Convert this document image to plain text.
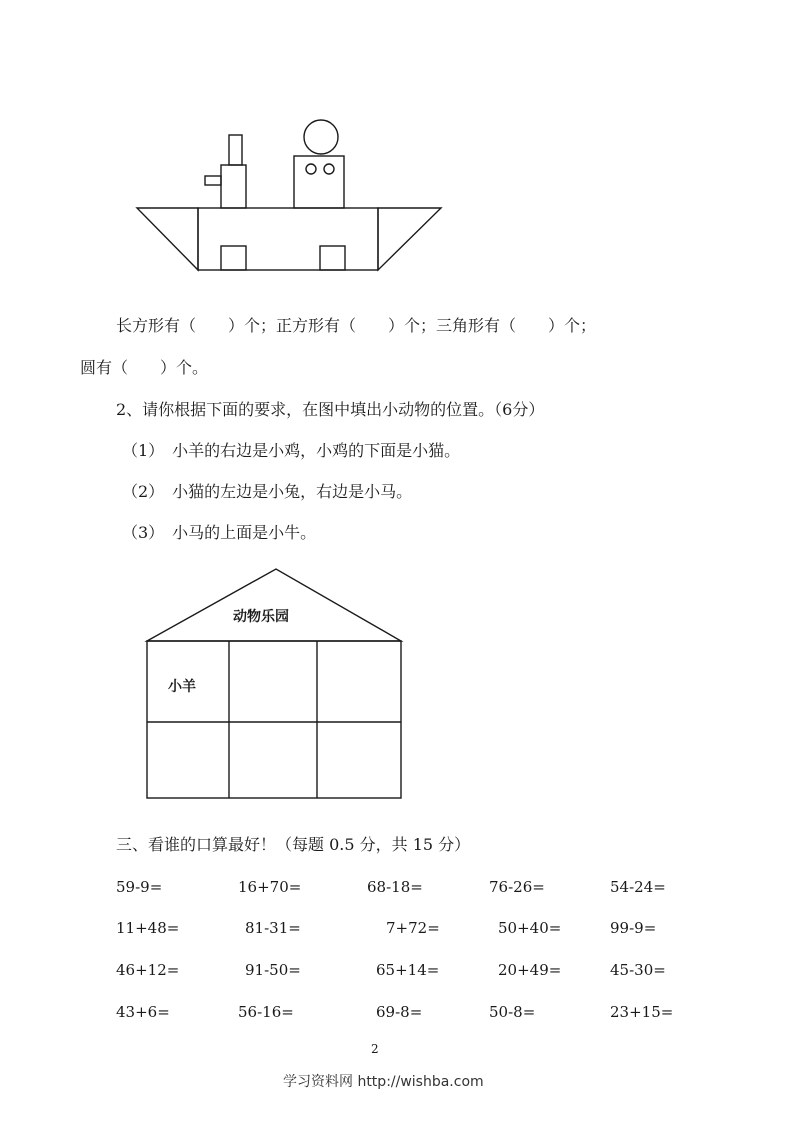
长方形有（　　）个；正方形有（　　）个；三角形有（　　）个；
圆有（　　）个。
2、请你根据下面的要求，在图中填出小动物的位置。（6分）
（1）　小羊的右边是小鸡，小鸡的下面是小猫。
（2）　小猫的左边是小兔，右边是小马。
（3）　小马的上面是小牛。
动物乐园
小羊
三、看谁的口算最好！（每题 0.5 分，共 15 分）
59-9=	16+70=	68-18=	76-26=	54-24=
11+48=	81-31=	7+72=	50+40=	99-9=
46+12=	91-50=	65+14=	20+49=	45-30=
43+6=	56-16=	69-8=	50-8=	23+15=
2
学习资料网 http://wishba.com
